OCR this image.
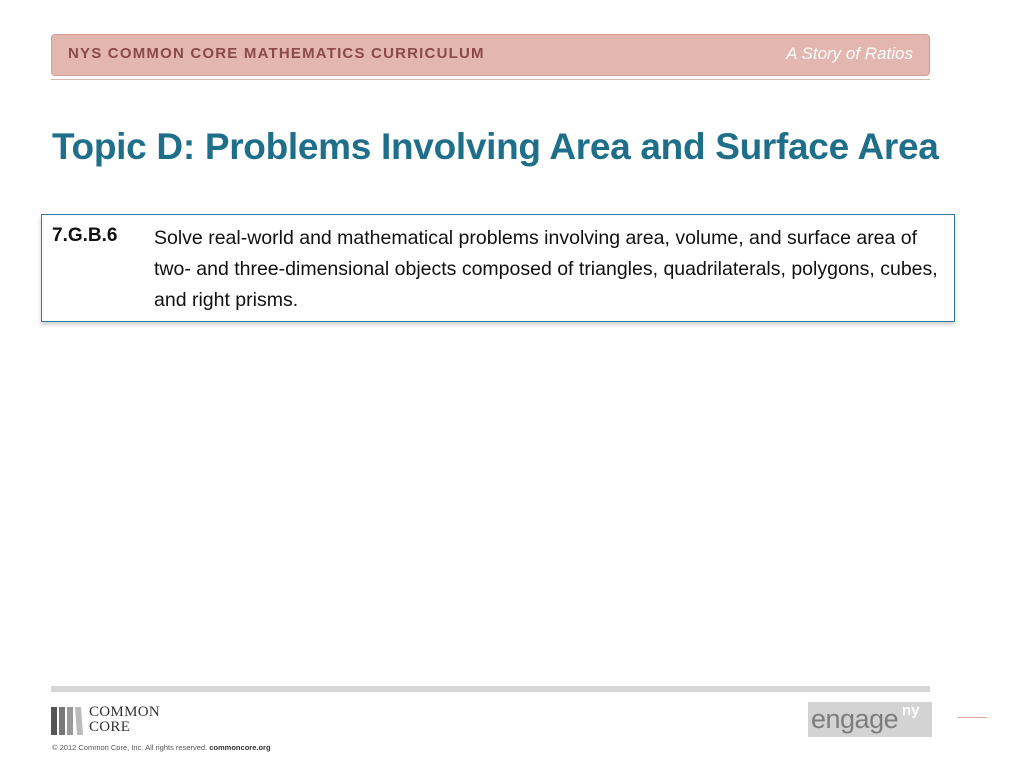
NYS COMMON CORE MATHEMATICS CURRICULUM	A Story of Ratios
Topic D: Problems Involving Area and Surface Area
7.G.B.6 Solve real-world and mathematical problems involving area, volume, and surface area of two- and three-dimensional objects composed of triangles, quadrilaterals, polygons, cubes, and right prisms.
COMMON
CORE
© 2012 Common Core, Inc. All rights reserved. commoncore.org
engage ny
